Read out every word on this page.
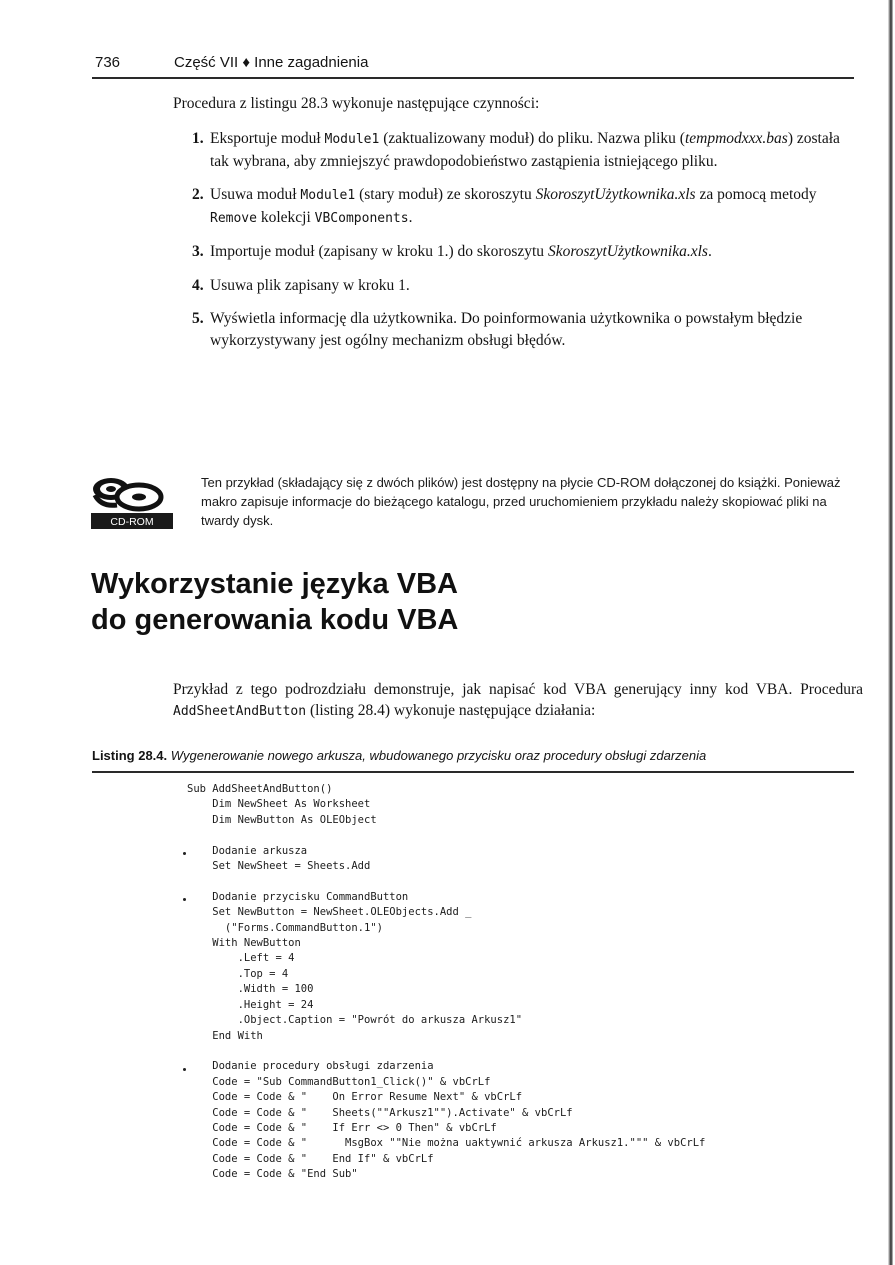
736	Część VII ♦ Inne zagadnienia
Procedura z listingu 28.3 wykonuje następujące czynności:
1. Eksportuje moduł Module1 (zaktualizowany moduł) do pliku. Nazwa pliku (tempmodxxx.bas) została tak wybrana, aby zmniejszyć prawdopodobieństwo zastąpienia istniejącego pliku.
2. Usuwa moduł Module1 (stary moduł) ze skoroszytu SkoroszytUżytkownika.xls za pomocą metody Remove kolekcji VBComponents.
3. Importuje moduł (zapisany w kroku 1.) do skoroszytu SkoroszytUżytkownika.xls.
4. Usuwa plik zapisany w kroku 1.
5. Wyświetla informację dla użytkownika. Do poinformowania użytkownika o powstałym błędzie wykorzystywany jest ogólny mechanizm obsługi błędów.
CD-ROM
Ten przykład (składający się z dwóch plików) jest dostępny na płycie CD-ROM dołączonej do książki. Ponieważ makro zapisuje informacje do bieżącego katalogu, przed uruchomieniem przykładu należy skopiować pliki na twardy dysk.
Wykorzystanie języka VBA
do generowania kodu VBA
Przykład z tego podrozdziału demonstruje, jak napisać kod VBA generujący inny kod VBA. Procedura AddSheetAndButton (listing 28.4) wykonuje następujące działania:
Listing 28.4. Wygenerowanie nowego arkusza, wbudowanego przycisku oraz procedury obsługi zdarzenia
Sub AddSheetAndButton()
Dim NewSheet As Worksheet
Dim NewButton As OLEObject

Dodanie arkusza
Set NewSheet = Sheets.Add

Dodanie przycisku CommandButton
Set NewButton = NewSheet.OLEObjects.Add _
("Forms.CommandButton.1")
With NewButton
.Left = 4
.Top = 4
.Width = 100
.Height = 24
.Object.Caption = "Powrót do arkusza Arkusz1"
End With

Dodanie procedury obsługi zdarzenia
Code = "Sub CommandButton1_Click()" & vbCrLf
Code = Code & "    On Error Resume Next" & vbCrLf
Code = Code & "    Sheets(""Arkusz1"").Activate" & vbCrLf
Code = Code & "    If Err <> 0 Then" & vbCrLf
Code = Code & "      MsgBox ""Nie można uaktywnić arkusza Arkusz1.""" & vbCrLf
Code = Code & "    End If" & vbCrLf
Code = Code & "End Sub"
